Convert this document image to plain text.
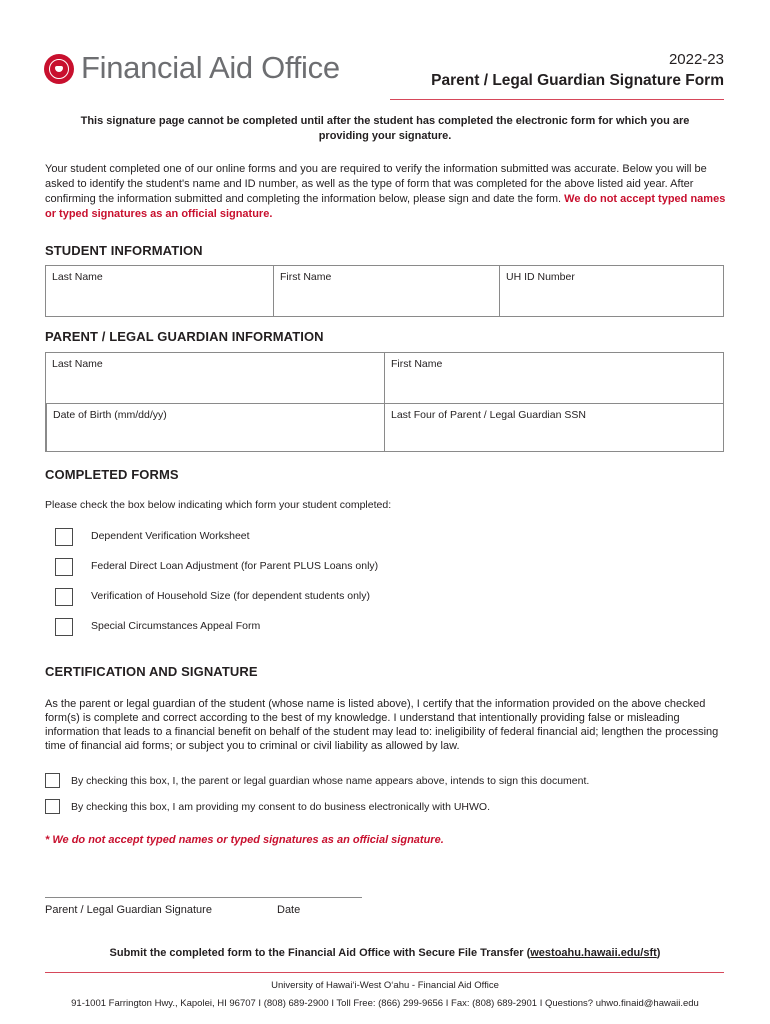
Financial Aid Office	2022-23
Parent / Legal Guardian Signature Form
This signature page cannot be completed until after the student has completed the electronic form for which you are providing your signature.
Your student completed one of our online forms and you are required to verify the information submitted was accurate. Below you will be asked to identify the student's name and ID number, as well as the type of form that was completed for the above listed aid year. After confirming the information submitted and completing the information below, please sign and date the form. We do not accept typed names or typed signatures as an official signature.
STUDENT INFORMATION
Last Name	First Name	UH ID Number
PARENT / LEGAL GUARDIAN INFORMATION
Last Name	First Name
Date of Birth (mm/dd/yy)	Last Four of Parent / Legal Guardian SSN
COMPLETED FORMS
Please check the box below indicating which form your student completed:
Dependent Verification Worksheet
Federal Direct Loan Adjustment (for Parent PLUS Loans only)
Verification of Household Size (for dependent students only)
Special Circumstances Appeal Form
CERTIFICATION AND SIGNATURE
As the parent or legal guardian of the student (whose name is listed above), I certify that the information provided on the above checked form(s) is complete and correct according to the best of my knowledge. I understand that intentionally providing false or misleading information that leads to a financial benefit on behalf of the student may lead to: ineligibility of federal financial aid; lengthen the processing time of financial aid forms; or subject you to criminal or civil liability as allowed by law.
By checking this box, I, the parent or legal guardian whose name appears above, intends to sign this document.
By checking this box, I am providing my consent to do business electronically with UHWO.
* We do not accept typed names or typed signatures as an official signature.
Parent / Legal Guardian Signature	Date
Submit the completed form to the Financial Aid Office with Secure File Transfer (westoahu.hawaii.edu/sft)
University of Hawaiʻi-West Oʻahu - Financial Aid Office
91-1001 Farrington Hwy., Kapolei, HI 96707 I (808) 689-2900 I Toll Free: (866) 299-9656 I Fax: (808) 689-2901 I Questions? uhwo.finaid@hawaii.edu
